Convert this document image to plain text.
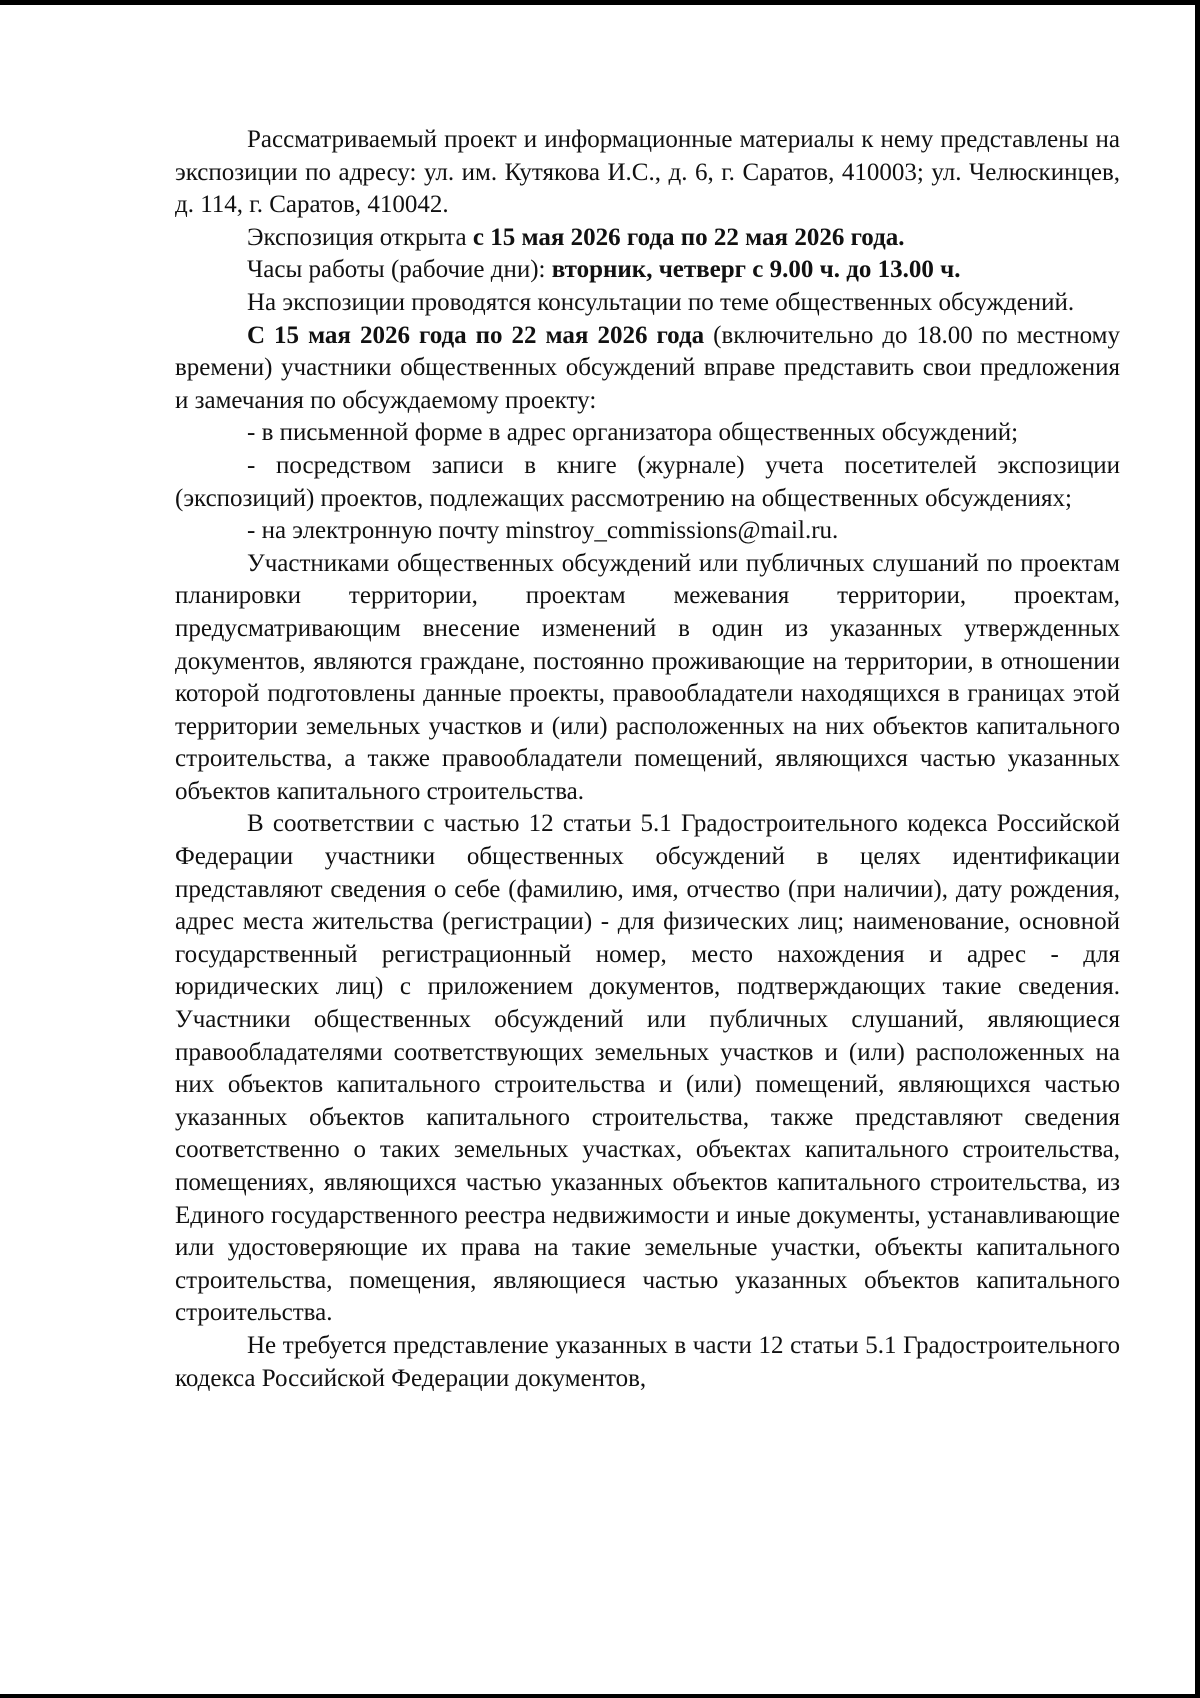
Рассматриваемый проект и информационные материалы к нему представлены на экспозиции по адресу: ул. им. Кутякова И.С., д. 6, г. Саратов, 410003; ул. Челюскинцев, д. 114, г. Саратов, 410042.

Экспозиция открыта с 15 мая 2026 года по 22 мая 2026 года.

Часы работы (рабочие дни): вторник, четверг с 9.00 ч. до 13.00 ч.

На экспозиции проводятся консультации по теме общественных обсуждений.

С 15 мая 2026 года по 22 мая 2026 года (включительно до 18.00 по местному времени) участники общественных обсуждений вправе представить свои предложения и замечания по обсуждаемому проекту:

- в письменной форме в адрес организатора общественных обсуждений;

- посредством записи в книге (журнале) учета посетителей экспозиции (экспозиций) проектов, подлежащих рассмотрению на общественных обсуждениях;

- на электронную почту minstroy_commissions@mail.ru.

Участниками общественных обсуждений или публичных слушаний по проектам планировки территории, проектам межевания территории, проектам, предусматривающим внесение изменений в один из указанных утвержденных документов, являются граждане, постоянно проживающие на территории, в отношении которой подготовлены данные проекты, правообладатели находящихся в границах этой территории земельных участков и (или) расположенных на них объектов капитального строительства, а также правообладатели помещений, являющихся частью указанных объектов капитального строительства.

В соответствии с частью 12 статьи 5.1 Градостроительного кодекса Российской Федерации участники общественных обсуждений в целях идентификации представляют сведения о себе (фамилию, имя, отчество (при наличии), дату рождения, адрес места жительства (регистрации) - для физических лиц; наименование, основной государственный регистрационный номер, место нахождения и адрес - для юридических лиц) с приложением документов, подтверждающих такие сведения. Участники общественных обсуждений или публичных слушаний, являющиеся правообладателями соответствующих земельных участков и (или) расположенных на них объектов капитального строительства и (или) помещений, являющихся частью указанных объектов капитального строительства, также представляют сведения соответственно о таких земельных участках, объектах капитального строительства, помещениях, являющихся частью указанных объектов капитального строительства, из Единого государственного реестра недвижимости и иные документы, устанавливающие или удостоверяющие их права на такие земельные участки, объекты капитального строительства, помещения, являющиеся частью указанных объектов капитального строительства.

Не требуется представление указанных в части 12 статьи 5.1 Градостроительного кодекса Российской Федерации документов,
